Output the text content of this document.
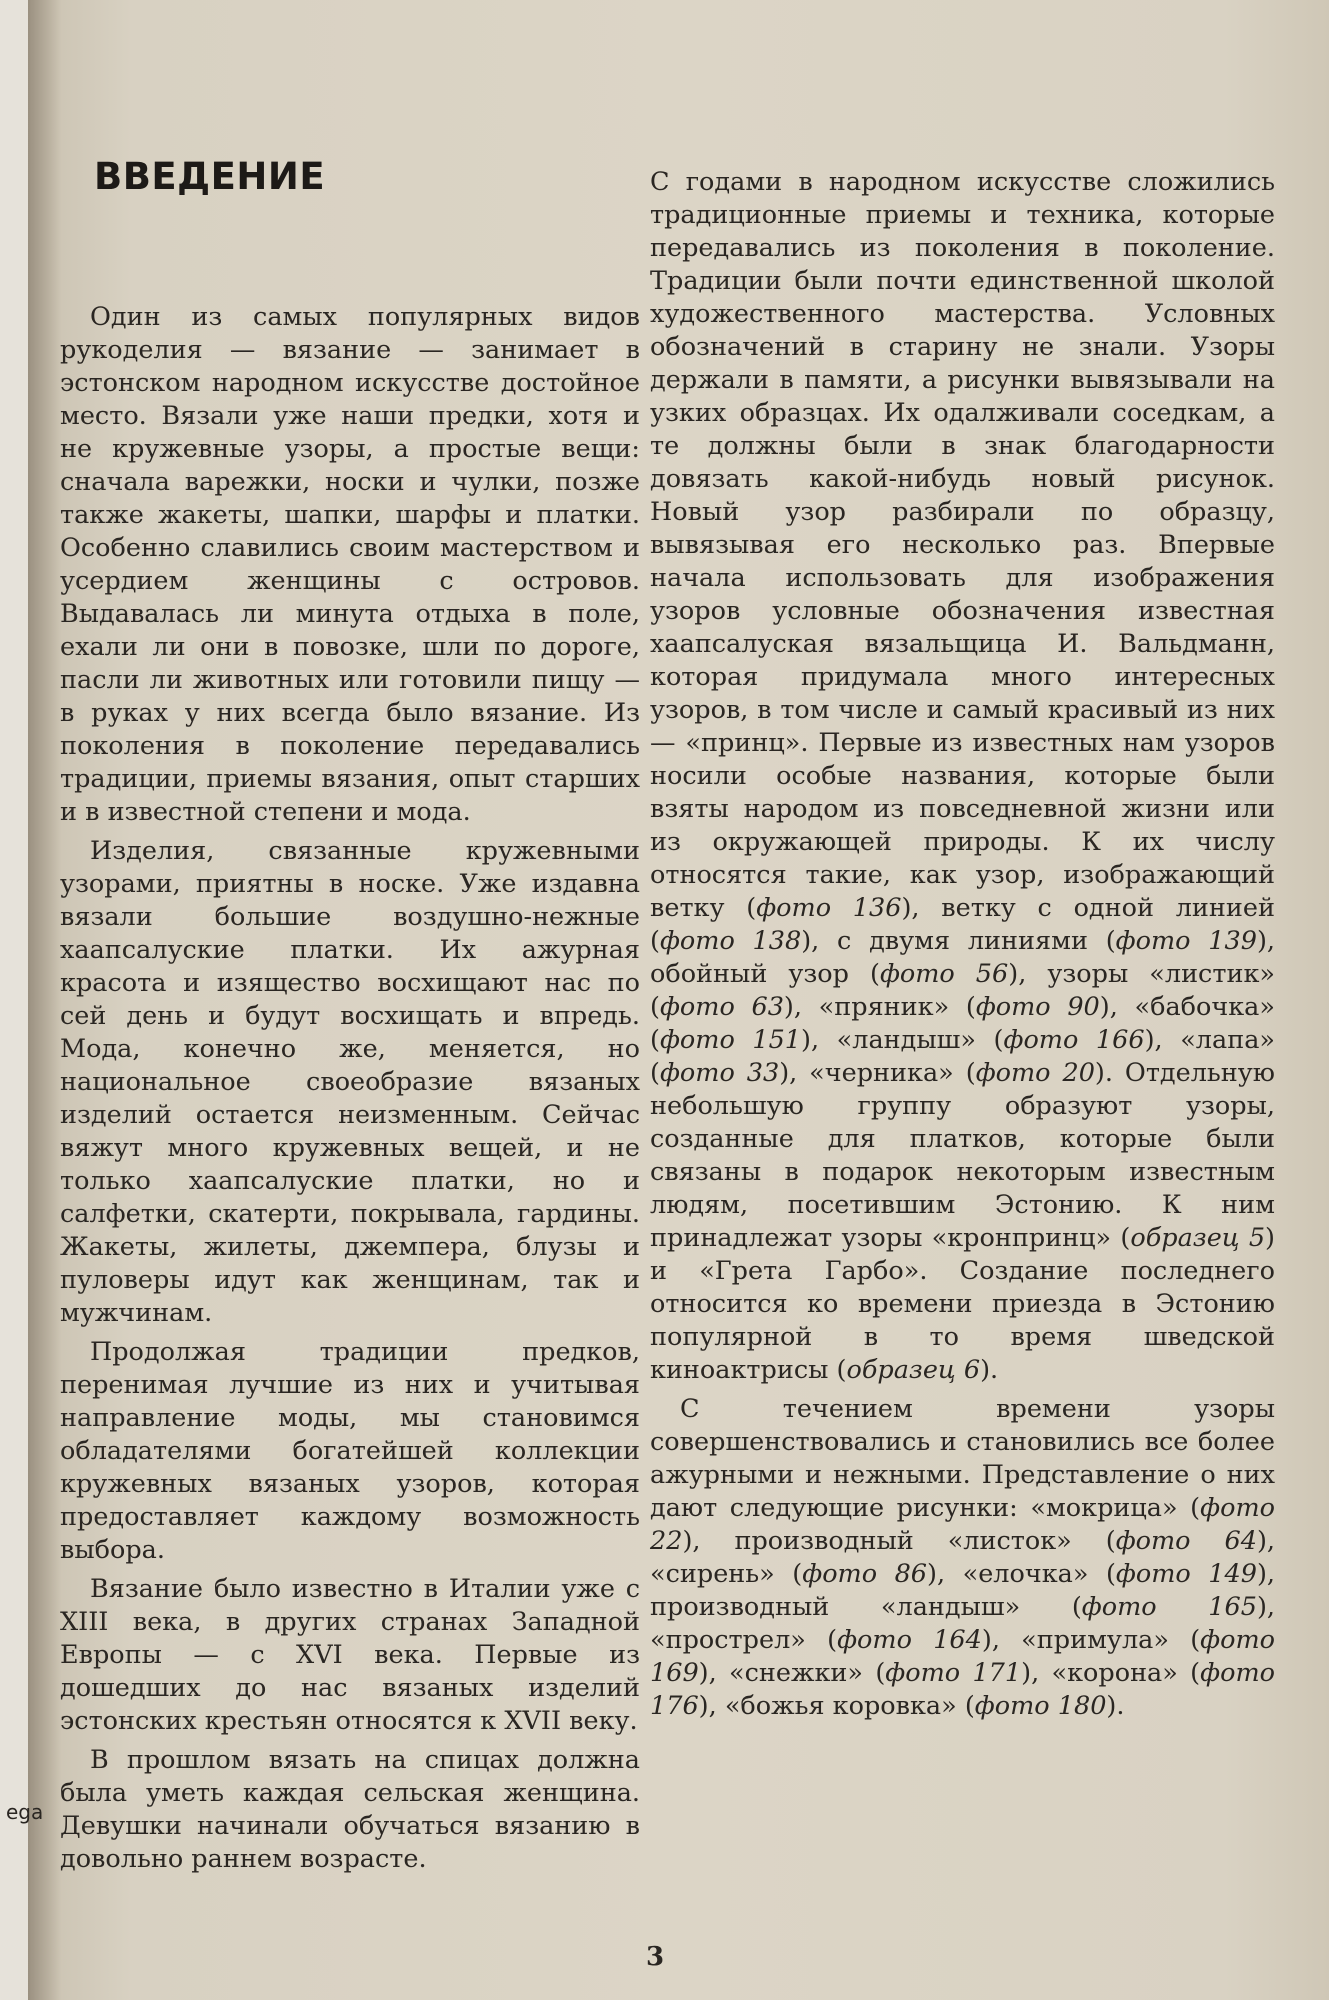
ega
ВВЕДЕНИЕ

Один из самых популярных видов рукоделия — вязание — занимает в эстонском народном искусстве достойное место. Вязали уже наши предки, хотя и не кружевные узоры, а простые вещи: сначала варежки, носки и чулки, позже также жакеты, шапки, шарфы и платки. Особенно славились своим мастерством и усердием женщины с островов. Выдавалась ли минута отдыха в поле, ехали ли они в повозке, шли по дороге, пасли ли животных или готовили пищу — в руках у них всегда было вязание. Из поколения в поколение передавались традиции, приемы вязания, опыт старших и в известной степени и мода.

Изделия, связанные кружевными узорами, приятны в носке. Уже издавна вязали большие воздушно-нежные хаапсалуские платки. Их ажурная красота и изящество восхищают нас по сей день и будут восхищать и впредь. Мода, конечно же, меняется, но национальное своеобразие вязаных изделий остается неизменным. Сейчас вяжут много кружевных вещей, и не только хаапсалуские платки, но и салфетки, скатерти, покрывала, гардины. Жакеты, жилеты, джемпера, блузы и пуловеры идут как женщинам, так и мужчинам.

Продолжая традиции предков, перенимая лучшие из них и учитывая направление моды, мы становимся обладателями богатейшей коллекции кружевных вязаных узоров, которая предоставляет каждому возможность выбора.

Вязание было известно в Италии уже с XIII века, в других странах Западной Европы — с XVI века. Первые из дошедших до нас вязаных изделий эстонских крестьян относятся к XVII веку.

В прошлом вязать на спицах должна была уметь каждая сельская женщина. Девушки начинали обучаться вязанию в довольно раннем возрасте.

С годами в народном искусстве сложились традиционные приемы и техника, которые передавались из поколения в поколение. Традиции были почти единственной школой художественного мастерства. Условных обозначений в старину не знали. Узоры держали в памяти, а рисунки вывязывали на узких образцах. Их одалживали соседкам, а те должны были в знак благодарности довязать какой-нибудь новый рисунок. Новый узор разбирали по образцу, вывязывая его несколько раз. Впервые начала использовать для изображения узоров условные обозначения известная хаапсалуская вязальщица И. Вальдманн, которая придумала много интересных узоров, в том числе и самый красивый из них — «принц». Первые из известных нам узоров носили особые названия, которые были взяты народом из повседневной жизни или из окружающей природы. К их числу относятся такие, как узор, изображающий ветку (фото 136), ветку с одной линией (фото 138), с двумя линиями (фото 139), обойный узор (фото 56), узоры «листик» (фото 63), «пряник» (фото 90), «бабочка» (фото 151), «ландыш» (фото 166), «лапа» (фото 33), «черника» (фото 20). Отдельную небольшую группу образуют узоры, созданные для платков, которые были связаны в подарок некоторым известным людям, посетившим Эстонию. К ним принадлежат узоры «кронпринц» (образец 5) и «Грета Гарбо». Создание последнего относится ко времени приезда в Эстонию популярной в то время шведской киноактрисы (образец 6).

С течением времени узоры совершенствовались и становились все более ажурными и нежными. Представление о них дают следующие рисунки: «мокрица» (фото 22), производный «листок» (фото 64), «сирень» (фото 86), «елочка» (фото 149), производный «ландыш» (фото 165), «прострел» (фото 164), «примула» (фото 169), «снежки» (фото 171), «корона» (фото 176), «божья коровка» (фото 180).

3
